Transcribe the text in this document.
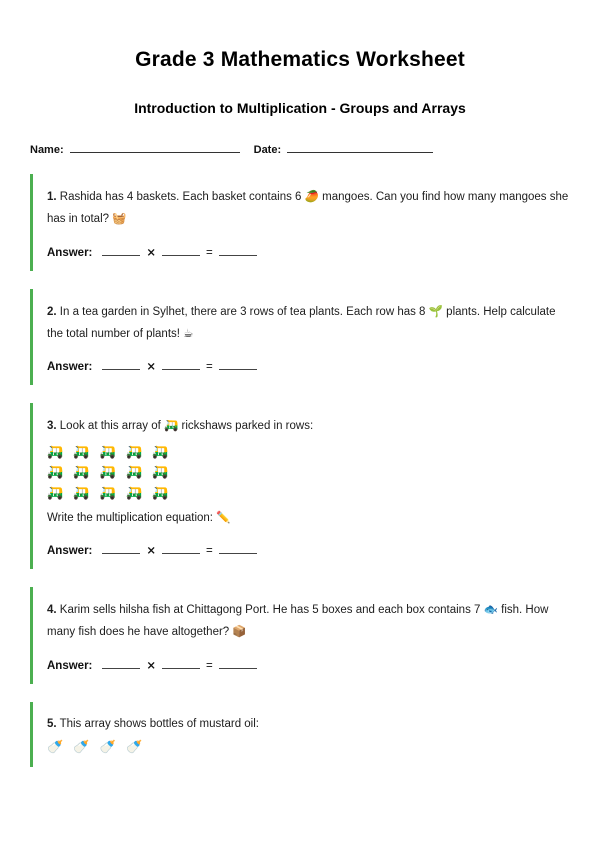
Grade 3 Mathematics Worksheet
Introduction to Multiplication - Groups and Arrays
Name:	Date:
1. Rashida has 4 baskets. Each basket contains 6 🥭 mangoes. Can you find how many mangoes she has in total? 🧺
Answer:	×	=
2. In a tea garden in Sylhet, there are 3 rows of tea plants. Each row has 8 🌱 plants. Help calculate the total number of plants! ☕
Answer:	×	=
3. Look at this array of 🛺 rickshaws parked in rows:
🛺 🛺 🛺 🛺 🛺
🛺 🛺 🛺 🛺 🛺
🛺 🛺 🛺 🛺 🛺
Write the multiplication equation: ✏️
Answer:	×	=
4. Karim sells hilsha fish at Chittagong Port. He has 5 boxes and each box contains 7 🐟 fish. How many fish does he have altogether? 📦
Answer:	×	=
5. This array shows bottles of mustard oil:
🍼 🍼 🍼 🍼
